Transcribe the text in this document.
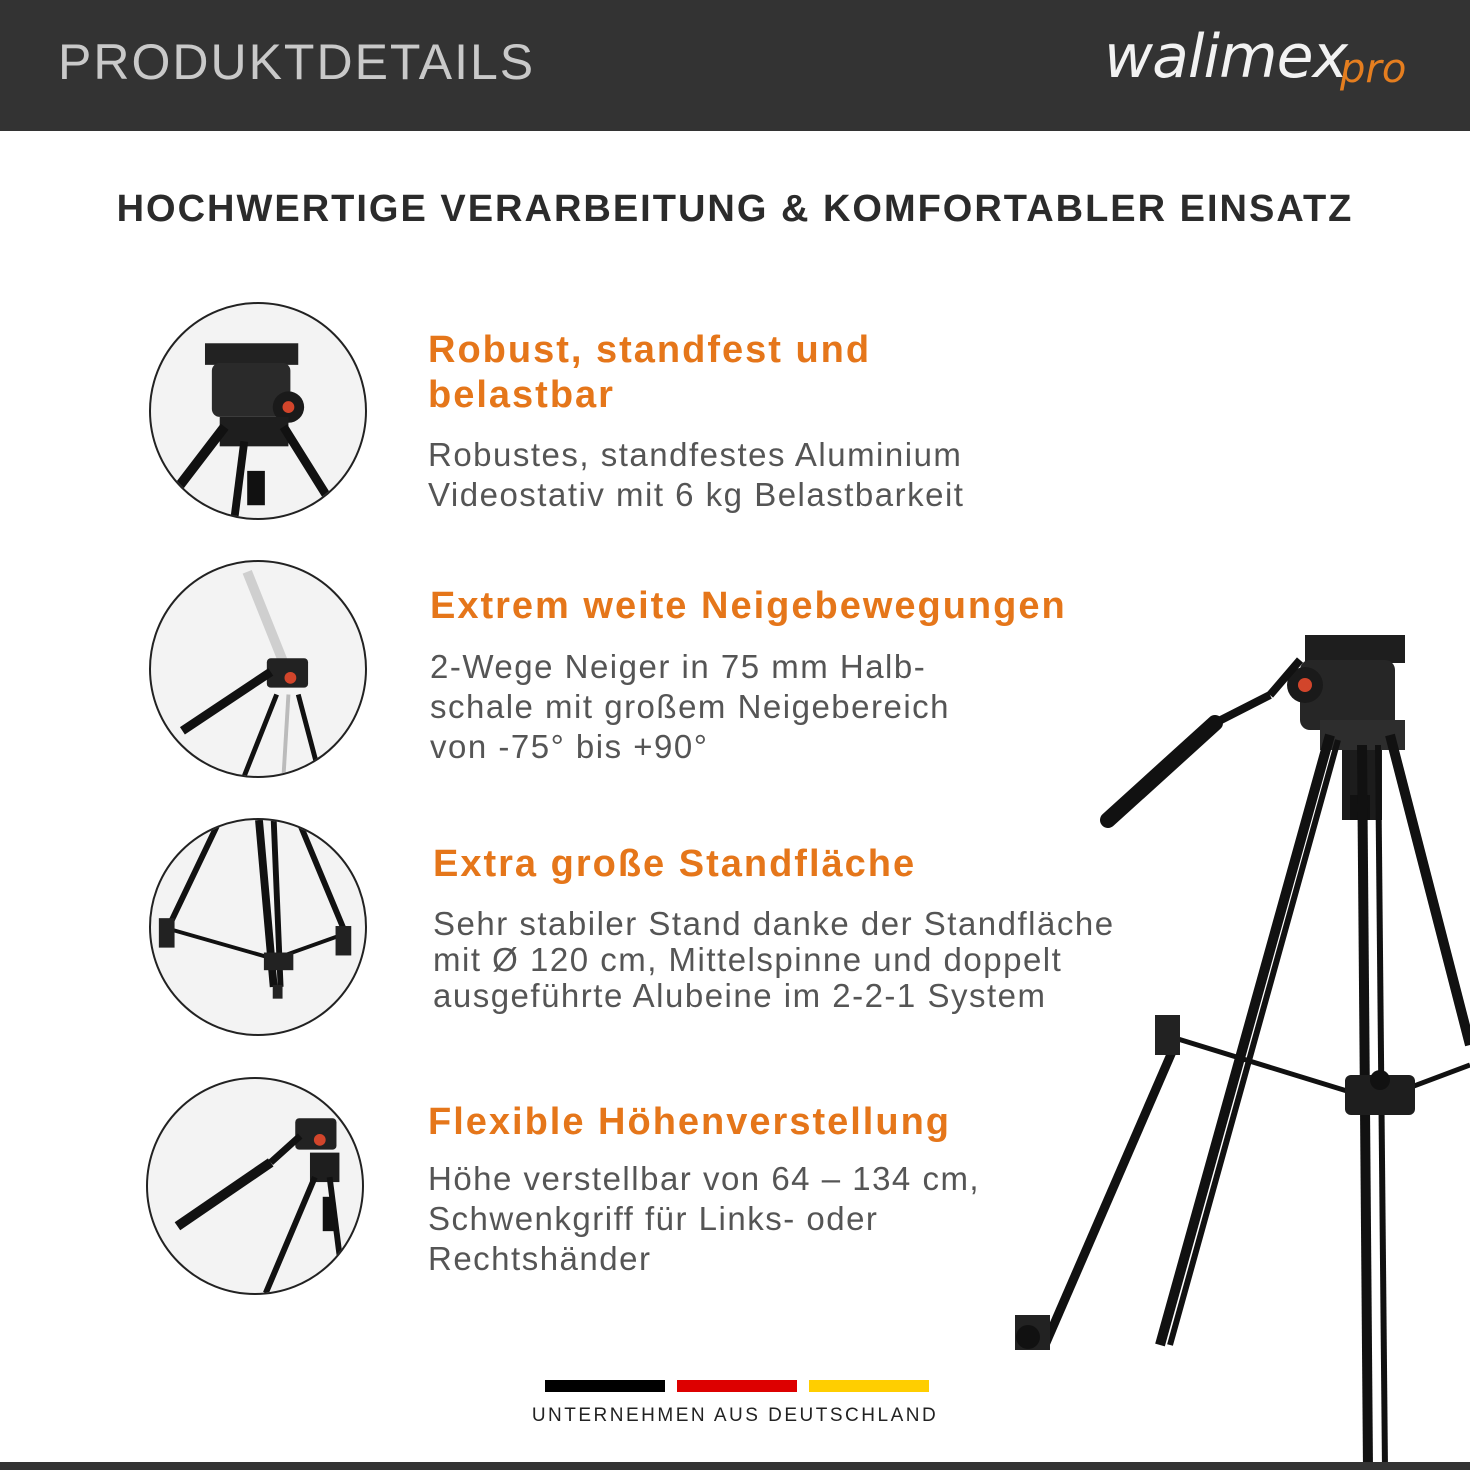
PRODUKTDETAILS	walimex
pro
HOCHWERTIGE VERARBEITUNG & KOMFORTABLER EINSATZ
Robust, standfest und
belastbar
Robustes, standfestes Aluminium
Videostativ mit 6 kg Belastbarkeit
Extrem weite Neigebewegungen
2-Wege Neiger in 75 mm Halb-
schale mit großem Neigebereich
von -75° bis +90°
Extra große Standfläche
Sehr stabiler Stand danke der Standfläche
mit Ø 120 cm, Mittelspinne und doppelt
ausgeführte Alubeine im 2-2-1 System
Flexible Höhenverstellung
Höhe verstellbar von 64 – 134 cm,
Schwenkgriff für Links- oder
Rechtshänder
UNTERNEHMEN AUS DEUTSCHLAND
